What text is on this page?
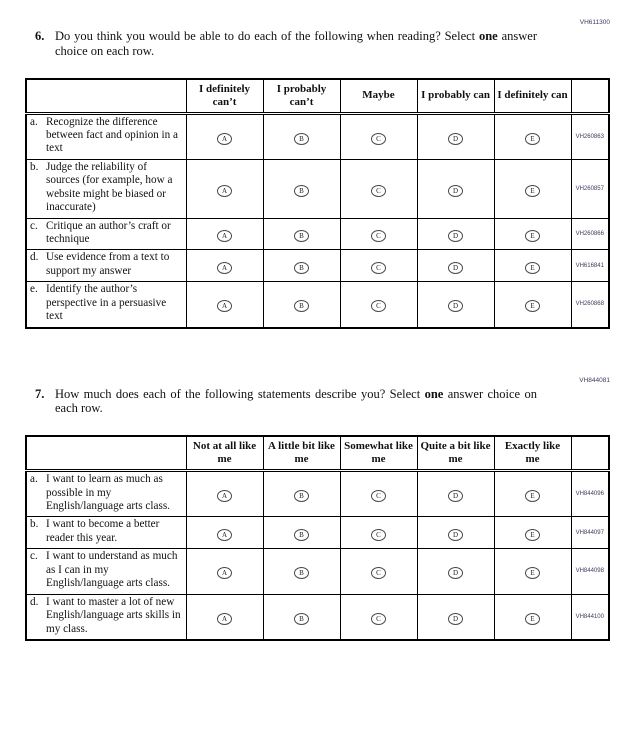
VH611300
6. Do you think you would be able to do each of the following when reading? Select one answer choice on each row.
	I definitely can’t	I probably can’t	Maybe	I probably can	I definitely can	

a. Recognize the difference between fact and opinion in a text	A	B	C	D	E	VH260863

b. Judge the reliability of sources (for example, how a website might be biased or inaccurate)	A	B	C	D	E	VH260857

c. Critique an author’s craft or technique	A	B	C	D	E	VH260866

d. Use evidence from a text to support my answer	A	B	C	D	E	VH616841

e. Identify the author’s perspective in a persuasive text	A	B	C	D	E	VH260868
VH844081
7. How much does each of the following statements describe you? Select one answer choice on each row.
	Not at all like me	A little bit like me	Somewhat like me	Quite a bit like me	Exactly like me	

a. I want to learn as much as possible in my English/language arts class.	A	B	C	D	E	VH844096

b. I want to become a better reader this year.	A	B	C	D	E	VH844097

c. I want to understand as much as I can in my English/language arts class.	A	B	C	D	E	VH844098

d. I want to master a lot of new English/language arts skills in my class.	A	B	C	D	E	VH844100
